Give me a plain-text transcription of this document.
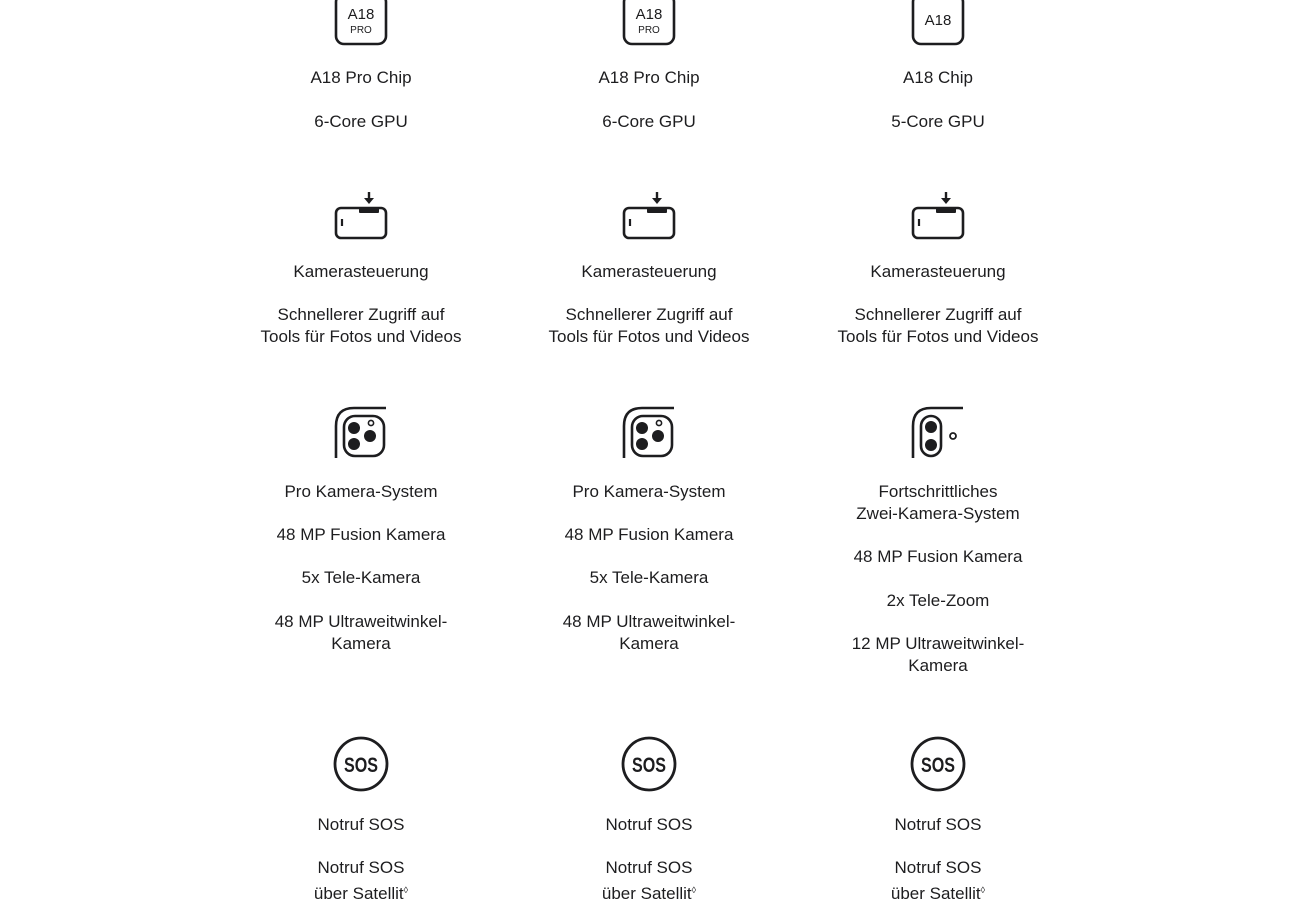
A18
PRO

A18 Pro Chip

6-Core GPU

Kamerasteuerung

Schnellerer Zugriff auf
Tools für Fotos und Videos

Pro Kamera-System

48 MP Fusion Kamera

5x Tele-Kamera

48 MP Ultraweitwinkel-
Kamera

SOS

Notruf SOS

Notruf SOS
über Satellit◊

A18
PRO

A18 Pro Chip

6-Core GPU

Kamerasteuerung

Schnellerer Zugriff auf
Tools für Fotos und Videos

Pro Kamera-System

48 MP Fusion Kamera

5x Tele-Kamera

48 MP Ultraweitwinkel-
Kamera

SOS

Notruf SOS

Notruf SOS
über Satellit◊

A18

A18 Chip

5-Core GPU

Kamerasteuerung

Schnellerer Zugriff auf
Tools für Fotos und Videos

Fortschrittliches
Zwei-Kamera-System

48 MP Fusion Kamera

2x Tele-Zoom

12 MP Ultraweitwinkel-
Kamera

SOS

Notruf SOS

Notruf SOS
über Satellit◊
